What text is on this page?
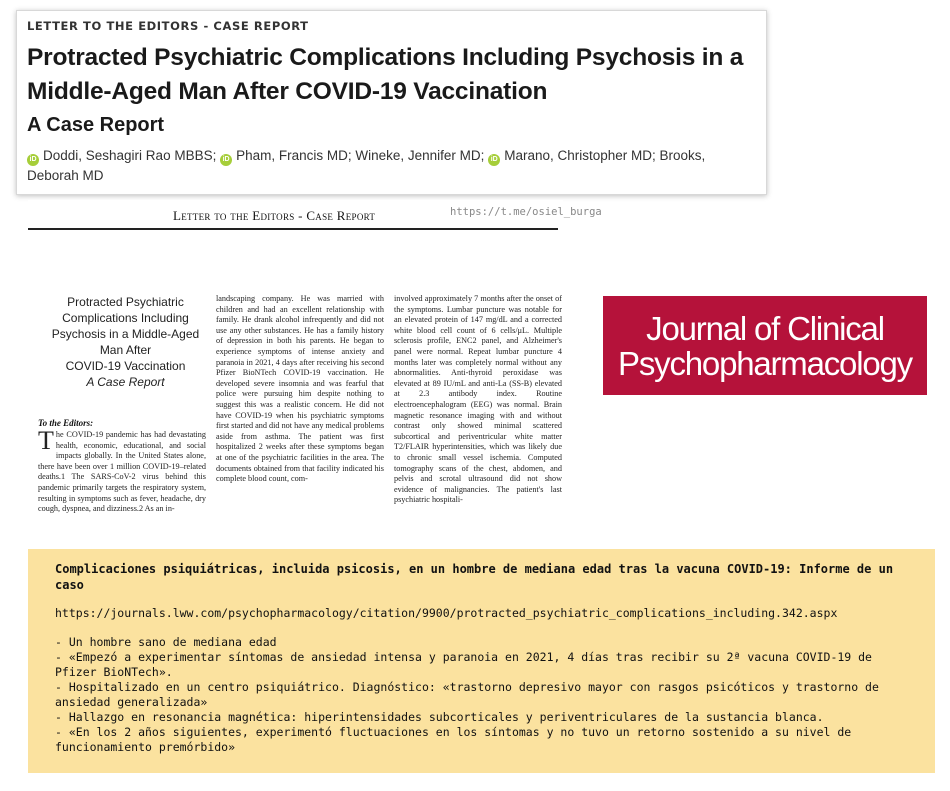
LETTER TO THE EDITORS - CASE REPORT
Protracted Psychiatric Complications Including Psychosis in a Middle-Aged Man After COVID-19 Vaccination
A Case Report
iD Doddi, Seshagiri Rao MBBS; iD Pham, Francis MD; Wineke, Jennifer MD; iD Marano, Christopher MD; Brooks, Deborah MD
Letter to the Editors - Case Report
Protracted Psychiatric
Complications Including
Psychosis in a Middle-Aged
Man After
COVID-19 Vaccination
A Case Report
To the Editors:
The COVID-19 pandemic has had devastating health, economic, educational, and social impacts globally. In the United States alone, there have been over 1 million COVID-19–related deaths.1 The SARS-CoV-2 virus behind this pandemic primarily targets the respiratory system, resulting in symptoms such as fever, headache, dry cough, dyspnea, and dizziness.2 As an in-
landscaping company. He was married with children and had an excellent relationship with family. He drank alcohol infrequently and did not use any other substances. He has a family history of depression in both his parents. He began to experience symptoms of intense anxiety and paranoia in 2021, 4 days after receiving his second Pfizer BioNTech COVID-19 vaccination. He developed severe insomnia and was fearful that police were pursuing him despite nothing to suggest this was a realistic concern. He did not have COVID-19 when his psychiatric symptoms first started and did not have any medical problems aside from asthma. The patient was first hospitalized 2 weeks after these symptoms began at one of the psychiatric facilities in the area. The documents obtained from that facility indicated his complete blood count, com-
involved approximately 7 months after the onset of the symptoms. Lumbar puncture was notable for an elevated protein of 147 mg/dL and a corrected white blood cell count of 6 cells/μL. Multiple sclerosis profile, ENC2 panel, and Alzheimer's panel were normal. Repeat lumbar puncture 4 months later was completely normal without any abnormalities. Anti-thyroid peroxidase was elevated at 89 IU/mL and anti-La (SS-B) elevated at 2.3 antibody index. Routine electroencephalogram (EEG) was normal. Brain magnetic resonance imaging with and without contrast only showed minimal scattered subcortical and periventricular white matter T2/FLAIR hyperintensities, which was likely due to chronic small vessel ischemia. Computed tomography scans of the chest, abdomen, and pelvis and scrotal ultrasound did not show evidence of malignancies. The patient's last psychiatric hospitali-
https://t.me/osiel_burga
Journal of Clinical
Psychopharmacology
Complicaciones psiquiátricas, incluida psicosis, en un hombre de mediana edad tras la vacuna COVID-19: Informe de un caso
https://journals.lww.com/psychopharmacology/citation/9900/protracted_psychiatric_complications_including.342.aspx
- Un hombre sano de mediana edad
- «Empezó a experimentar síntomas de ansiedad intensa y paranoia en 2021, 4 días tras recibir su 2ª vacuna COVID-19 de Pfizer BioNTech».
- Hospitalizado en un centro psiquiátrico. Diagnóstico: «trastorno depresivo mayor con rasgos psicóticos y trastorno de ansiedad generalizada»
- Hallazgo en resonancia magnética: hiperintensidades subcorticales y periventriculares de la sustancia blanca.
- «En los 2 años siguientes, experimentó fluctuaciones en los síntomas y no tuvo un retorno sostenido a su nivel de funcionamiento premórbido»
